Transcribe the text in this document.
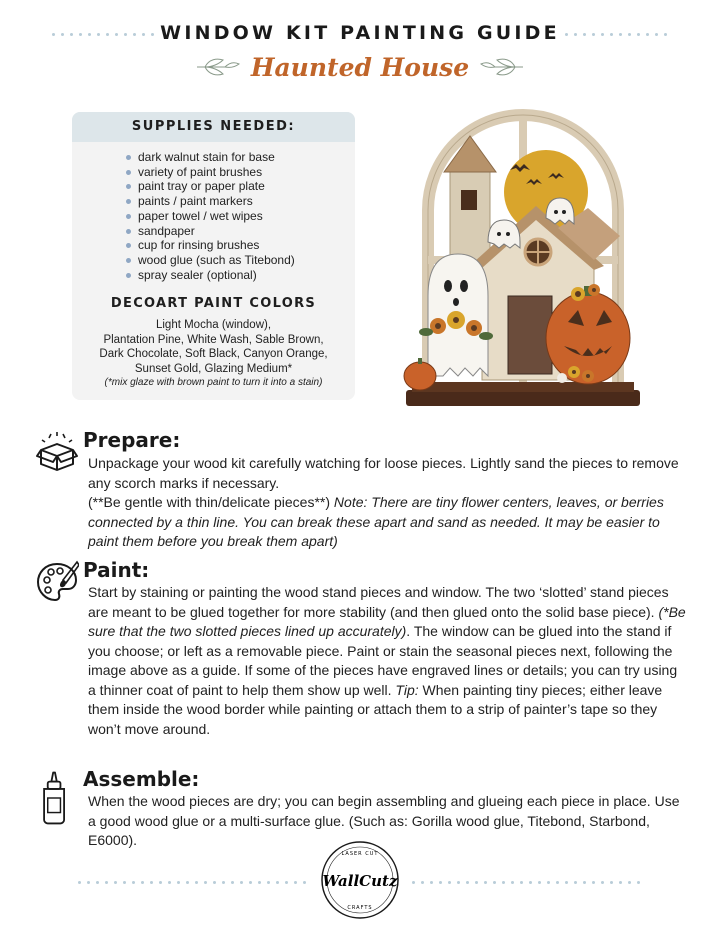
WINDOW KIT PAINTING GUIDE
Haunted House
SUPPLIES NEEDED:
dark walnut stain for base
variety of paint brushes
paint tray or paper plate
paints / paint markers
paper towel / wet wipes
sandpaper
cup for rinsing brushes
wood glue (such as Titebond)
spray sealer (optional)
DECOART PAINT COLORS
Light Mocha (window),
Plantation Pine, White Wash, Sable Brown,
Dark Chocolate, Soft Black, Canyon Orange,
Sunset Gold, Glazing Medium*
(*mix glaze with brown paint to turn it into a stain)
Prepare:
Unpackage your wood kit carefully watching for loose pieces. Lightly sand the pieces to remove any scorch marks if necessary.
(**Be gentle with thin/delicate pieces**) Note: There are tiny flower centers, leaves, or berries connected by a thin line. You can break these apart and sand as needed. It may be easier to paint them before you break them apart)
Paint:
Start by staining or painting the wood stand pieces and window. The two ‘slotted’ stand pieces are meant to be glued together for more stability (and then glued onto the solid base piece). (*Be sure that the two slotted pieces lined up accurately). The window can be glued into the stand if you choose; or left as a removable piece. Paint or stain the seasonal pieces next, following the image above as a guide. If some of the pieces have engraved lines or details; you can try using a thinner coat of paint to help them show up well. Tip: When painting tiny pieces; either leave them inside the wood border while painting or attach them to a strip of painter’s tape so they won’t move around.
Assemble:
When the wood pieces are dry; you can begin assembling and glueing each piece in place. Use a good wood glue or a multi-surface glue. (Such as: Gorilla wood glue, Titebond, Starbond, E6000).
LASER CUT
WallCutz
CRAFTS
